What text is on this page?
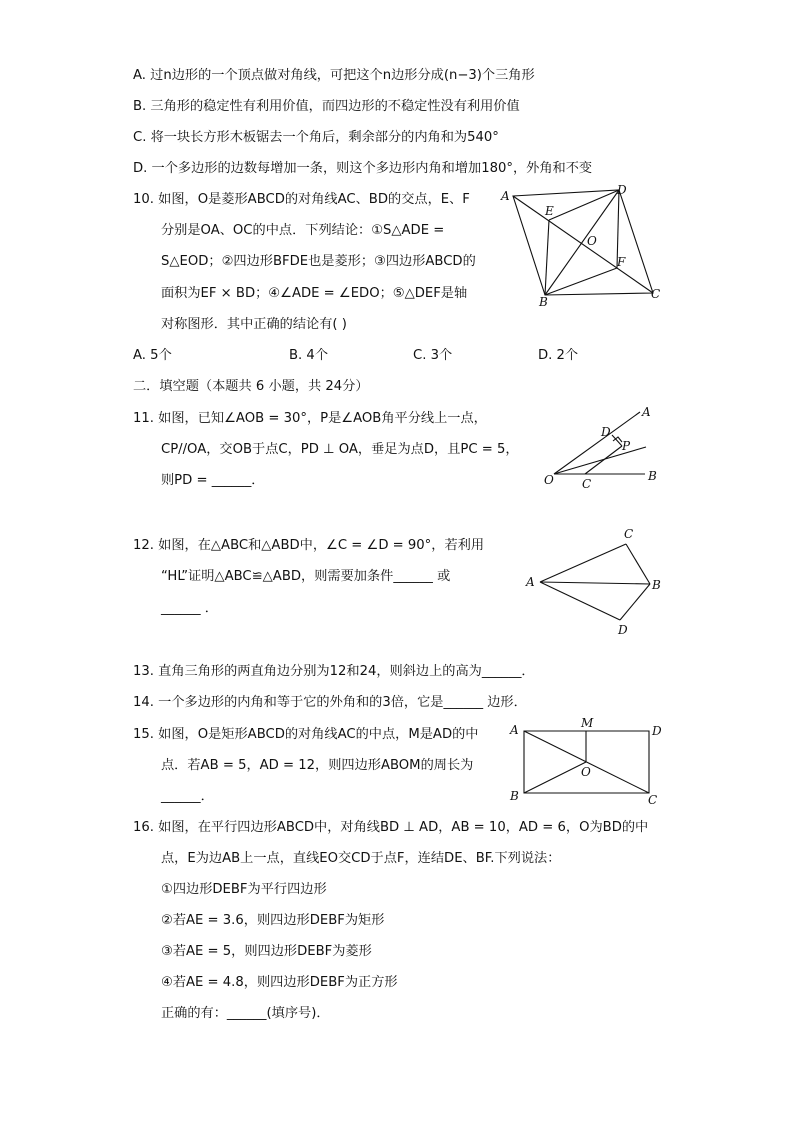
A. 过n边形的一个顶点做对角线，可把这个n边形分成(n−3)个三角形
B. 三角形的稳定性有利用价值，而四边形的不稳定性没有利用价值
C. 将一块长方形木板锯去一个角后，剩余部分的内角和为540°
D. 一个多边形的边数每增加一条，则这个多边形内角和增加180°，外角和不变
10. 如图，O是菱形ABCD的对角线AC、BD的交点，E、F
分别是OA、OC的中点．下列结论：①S△ADE =
S△EOD；②四边形BFDE也是菱形；③四边形ABCD的
面积为EF × BD；④∠ADE = ∠EDO；⑤△DEF是轴
对称图形．其中正确的结论有( )
A	D
E
O
F
B
C
A. 5个	B. 4个	C. 3个	D. 2个
二．填空题（本题共 6 小题，共 24分）
11. 如图，已知∠AOB = 30°，P是∠AOB角平分线上一点，
CP//OA，交OB于点C，PD ⊥ OA，垂足为点D，且PC = 5，
则PD = ______．
A
D
P
O C
B
12. 如图，在△ABC和△ABD中，∠C = ∠D = 90°，若利用
“HL”证明△ABC≌△ABD，则需要加条件______ 或
______ ．
C
A	B
D
13. 直角三角形的两直角边分别为12和24，则斜边上的高为______．
14. 一个多边形的内角和等于它的外角和的3倍，它是______ 边形．
15. 如图，O是矩形ABCD的对角线AC的中点，M是AD的中
点．若AB = 5，AD = 12，则四边形ABOM的周长为
______．
M
A	D
O
B	C
16. 如图，在平行四边形ABCD中，对角线BD ⊥ AD，AB = 10，AD = 6，O为BD的中
点，E为边AB上一点，直线EO交CD于点F，连结DE、BF.下列说法：
①四边形DEBF为平行四边形
②若AE = 3.6，则四边形DEBF为矩形
③若AE = 5，则四边形DEBF为菱形
④若AE = 4.8，则四边形DEBF为正方形
正确的有：______(填序号)．
